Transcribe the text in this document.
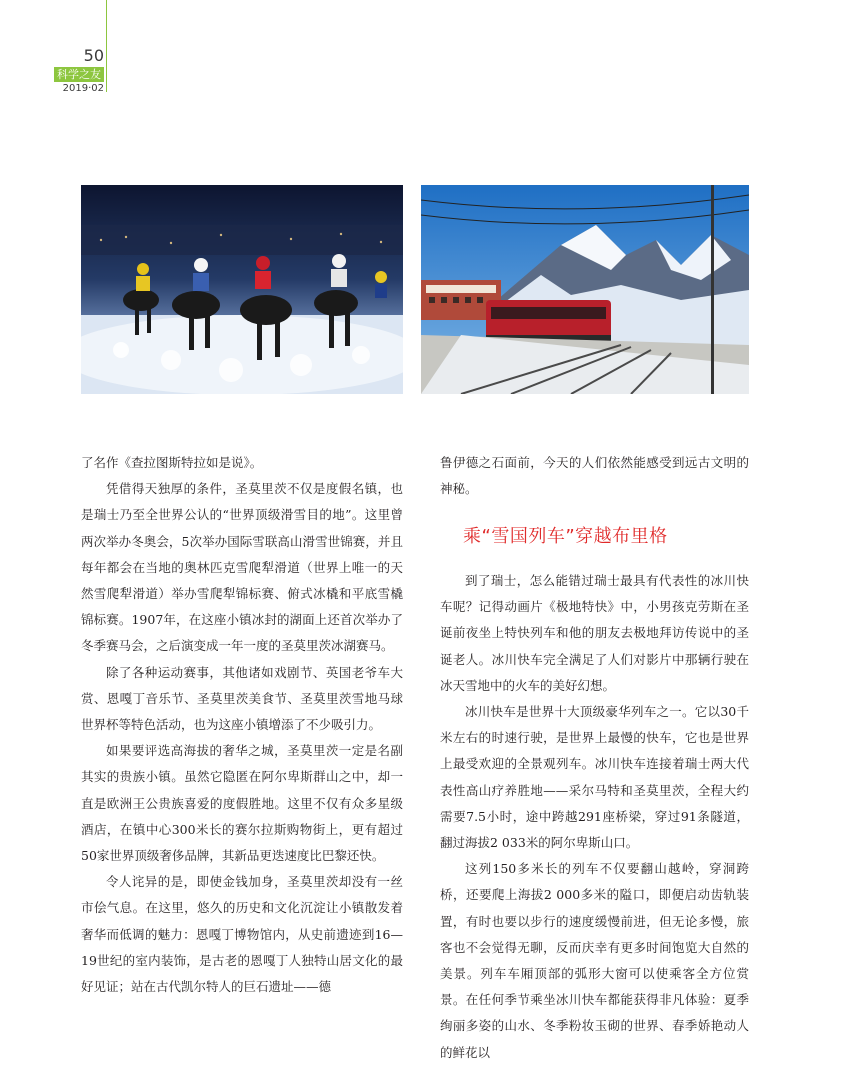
50
科学之友
2019·02

了名作《查拉图斯特拉如是说》。

凭借得天独厚的条件，圣莫里茨不仅是度假名镇，也是瑞士乃至全世界公认的“世界顶级滑雪目的地”。这里曾两次举办冬奥会，5次举办国际雪联高山滑雪世锦赛，并且每年都会在当地的奥林匹克雪爬犁滑道（世界上唯一的天然雪爬犁滑道）举办雪爬犁锦标赛、俯式冰橇和平底雪橇锦标赛。1907年，在这座小镇冰封的湖面上还首次举办了冬季赛马会，之后演变成一年一度的圣莫里茨冰湖赛马。

除了各种运动赛事，其他诸如戏剧节、英国老爷车大赏、恩嘎丁音乐节、圣莫里茨美食节、圣莫里茨雪地马球世界杯等特色活动，也为这座小镇增添了不少吸引力。

如果要评选高海拔的奢华之城，圣莫里茨一定是名副其实的贵族小镇。虽然它隐匿在阿尔卑斯群山之中，却一直是欧洲王公贵族喜爱的度假胜地。这里不仅有众多星级酒店，在镇中心300米长的赛尔拉斯购物街上，更有超过50家世界顶级奢侈品牌，其新品更迭速度比巴黎还快。

令人诧异的是，即使金钱加身，圣莫里茨却没有一丝市侩气息。在这里，悠久的历史和文化沉淀让小镇散发着奢华而低调的魅力：恩嘎丁博物馆内，从史前遗迹到16—19世纪的室内装饰，是古老的恩嘎丁人独特山居文化的最好见证；站在古代凯尔特人的巨石遗址——德

鲁伊德之石面前，今天的人们依然能感受到远古文明的神秘。

乘“雪国列车”穿越布里格

到了瑞士，怎么能错过瑞士最具有代表性的冰川快车呢？记得动画片《极地特快》中，小男孩克劳斯在圣诞前夜坐上特快列车和他的朋友去极地拜访传说中的圣诞老人。冰川快车完全满足了人们对影片中那辆行驶在冰天雪地中的火车的美好幻想。

冰川快车是世界十大顶级豪华列车之一。它以30千米左右的时速行驶，是世界上最慢的快车，它也是世界上最受欢迎的全景观列车。冰川快车连接着瑞士两大代表性高山疗养胜地——采尔马特和圣莫里茨，全程大约需要7.5小时，途中跨越291座桥梁，穿过91条隧道，翻过海拔2 033米的阿尔卑斯山口。

这列150多米长的列车不仅要翻山越岭，穿洞跨桥，还要爬上海拔2 000多米的隘口，即便启动齿轨装置，有时也要以步行的速度缓慢前进，但无论多慢，旅客也不会觉得无聊，反而庆幸有更多时间饱览大自然的美景。列车车厢顶部的弧形大窗可以使乘客全方位赏景。在任何季节乘坐冰川快车都能获得非凡体验：夏季绚丽多姿的山水、冬季粉妆玉砌的世界、春季娇艳动人的鲜花以
